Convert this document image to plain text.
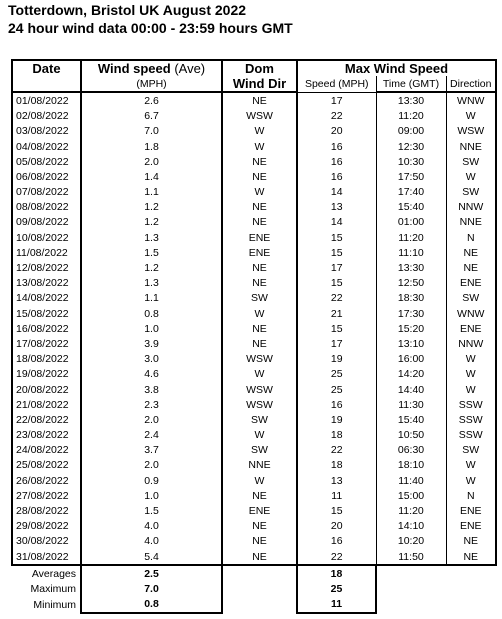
Totterdown, Bristol UK August 2022
24 hour wind data 00:00 - 23:59 hours GMT
Date	Wind speed (Ave)	Dom	Max Wind Speed		
	(MPH)	Wind Dir	Speed (MPH)	Time (GMT)	Direction
01/08/2022	2.6	NE	17	13:30	WNW
02/08/2022	6.7	WSW	22	11:20	W
03/08/2022	7.0	W	20	09:00	WSW
04/08/2022	1.8	W	16	12:30	NNE
05/08/2022	2.0	NE	16	10:30	SW
06/08/2022	1.4	NE	16	17:50	W
07/08/2022	1.1	W	14	17:40	SW
08/08/2022	1.2	NE	13	15:40	NNW
09/08/2022	1.2	NE	14	01:00	NNE
10/08/2022	1.3	ENE	15	11:20	N
11/08/2022	1.5	ENE	15	11:10	NE
12/08/2022	1.2	NE	17	13:30	NE
13/08/2022	1.3	NE	15	12:50	ENE
14/08/2022	1.1	SW	22	18:30	SW
15/08/2022	0.8	W	21	17:30	WNW
16/08/2022	1.0	NE	15	15:20	ENE
17/08/2022	3.9	NE	17	13:10	NNW
18/08/2022	3.0	WSW	19	16:00	W
19/08/2022	4.6	W	25	14:20	W
20/08/2022	3.8	WSW	25	14:40	W
21/08/2022	2.3	WSW	16	11:30	SSW
22/08/2022	2.0	SW	19	15:40	SSW
23/08/2022	2.4	W	18	10:50	SSW
24/08/2022	3.7	SW	22	06:30	SW
25/08/2022	2.0	NNE	18	18:10	W
26/08/2022	0.9	W	13	11:40	W
27/08/2022	1.0	NE	11	15:00	N
28/08/2022	1.5	ENE	15	11:20	ENE
29/08/2022	4.0	NE	20	14:10	ENE
30/08/2022	4.0	NE	16	10:20	NE
31/08/2022	5.4	NE	22	11:50	NE
Averages	2.5		18		
Maximum	7.0		25		
Minimum	0.8		11		
